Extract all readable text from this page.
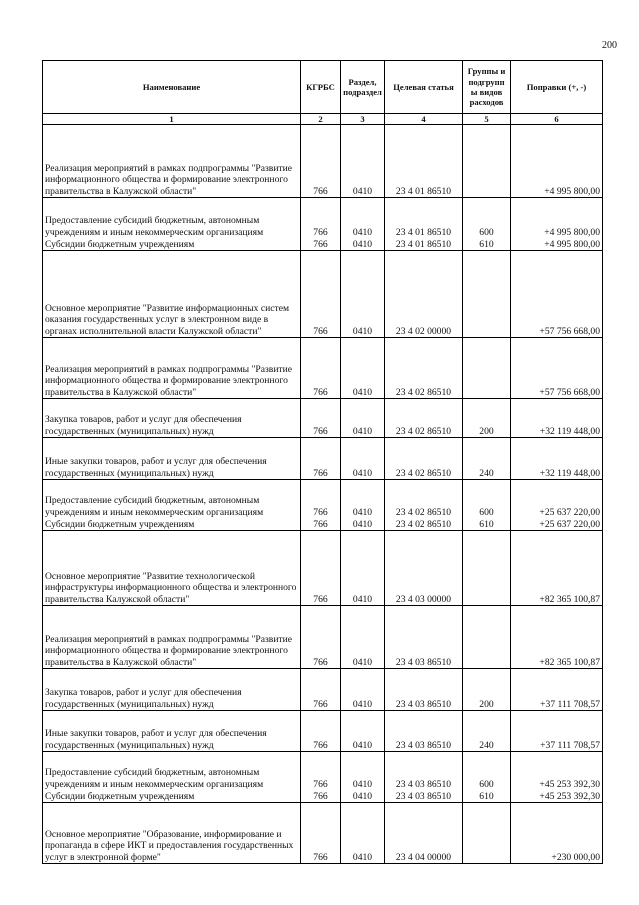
200
Наименование	КГРБС	Раздел, подраздел	Целевая статья	Группы и подгрупп ы видов расходов	Поправки (+, -)
1	2	3	4	5	6
Реализация мероприятий в рамках подпрограммы "Развитие информационного общества и формирование электронного правительства в Калужской области"	766	0410	23 4 01 86510		+4 995 800,00
Предоставление субсидий бюджетным, автономным учреждениям и иным некоммерческим организациям	766	0410	23 4 01 86510	600	+4 995 800,00
Субсидии бюджетным учреждениям	766	0410	23 4 01 86510	610	+4 995 800,00
Основное мероприятие "Развитие информационных систем оказания государственных услуг в электронном виде в органах исполнительной власти Калужской области"	766	0410	23 4 02 00000		+57 756 668,00
Реализация мероприятий в рамках подпрограммы "Развитие информационного общества и формирование электронного правительства в Калужской области"	766	0410	23 4 02 86510		+57 756 668,00
Закупка товаров, работ и услуг для обеспечения государственных (муниципальных) нужд	766	0410	23 4 02 86510	200	+32 119 448,00
Иные закупки товаров, работ и услуг для обеспечения государственных (муниципальных) нужд	766	0410	23 4 02 86510	240	+32 119 448,00
Предоставление субсидий бюджетным, автономным учреждениям и иным некоммерческим организациям	766	0410	23 4 02 86510	600	+25 637 220,00
Субсидии бюджетным учреждениям	766	0410	23 4 02 86510	610	+25 637 220,00
Основное мероприятие "Развитие технологической инфраструктуры информационного общества и электронного правительства Калужской области"	766	0410	23 4 03 00000		+82 365 100,87
Реализация мероприятий в рамках подпрограммы "Развитие информационного общества и формирование электронного правительства в Калужской области"	766	0410	23 4 03 86510		+82 365 100,87
Закупка товаров, работ и услуг для обеспечения государственных (муниципальных) нужд	766	0410	23 4 03 86510	200	+37 111 708,57
Иные закупки товаров, работ и услуг для обеспечения государственных (муниципальных) нужд	766	0410	23 4 03 86510	240	+37 111 708,57
Предоставление субсидий бюджетным, автономным учреждениям и иным некоммерческим организациям	766	0410	23 4 03 86510	600	+45 253 392,30
Субсидии бюджетным учреждениям	766	0410	23 4 03 86510	610	+45 253 392,30
Основное мероприятие "Образование, информирование и пропаганда в сфере ИКТ и предоставления государственных услуг в электронной форме"	766	0410	23 4 04 00000		+230 000,00
